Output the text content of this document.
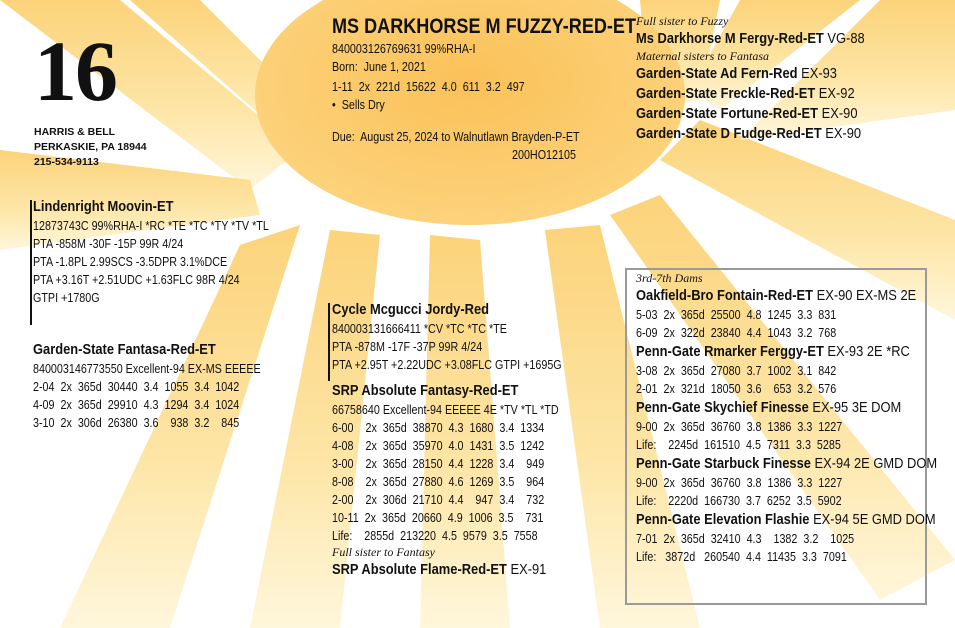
16
HARRIS & BELL
PERKASKIE, PA 18944
215-534-9113
MS DARKHORSE M FUZZY-RED-ET
840003126769631 99%RHA-I
Born:  June 1, 2021
1-11  2x  221d  15622  4.0  611  3.2  497
•  Sells Dry
Due:  August 25, 2024 to Walnutlawn Brayden-P-ET
200HO12105
Full sister to Fuzzy
Ms Darkhorse M Fergy-Red-ET VG-88
Maternal sisters to Fantasa
Garden-State Ad Fern-Red EX-93
Garden-State Freckle-Red-ET EX-92
Garden-State Fortune-Red-ET EX-90
Garden-State D Fudge-Red-ET EX-90
Lindenright Moovin-ET
12873743C 99%RHA-I *RC *TE *TC *TY *TV *TL
PTA -858M -30F -15P 99R 4/24
PTA -1.8PL 2.99SCS -3.5DPR 3.1%DCE
PTA +3.16T +2.51UDC +1.63FLC 98R 4/24
GTPI +1780G
Garden-State Fantasa-Red-ET
840003146773550 Excellent-94 EX-MS EEEEE
2-04  2x  365d  30440  3.4  1055  3.4  1042
4-09  2x  365d  29910  4.3  1294  3.4  1024
3-10  2x  306d  26380  3.6    938  3.2    845
Cycle Mcgucci Jordy-Red
840003131666411 *CV *TC *TC *TE
PTA -878M -17F -37P 99R 4/24
PTA +2.95T +2.22UDC +3.08FLC GTPI +1695G
SRP Absolute Fantasy-Red-ET
66758640 Excellent-94 EEEEE 4E *TV *TL *TD
6-00    2x  365d  38870  4.3  1680  3.4  1334
4-08    2x  365d  35970  4.0  1431  3.5  1242
3-00    2x  365d  28150  4.4  1228  3.4    949
8-08    2x  365d  27880  4.6  1269  3.5    964
2-00    2x  306d  21710  4.4    947  3.4    732
10-11  2x  365d  20660  4.9  1006  3.5    731
Life:    2855d  213220  4.5  9579  3.5  7558
Full sister to Fantasy
SRP Absolute Flame-Red-ET EX-91
3rd-7th Dams
Oakfield-Bro Fontain-Red-ET EX-90 EX-MS 2E
5-03  2x  365d  25500  4.8  1245  3.3  831
6-09  2x  322d  23840  4.4  1043  3.2  768
Penn-Gate Rmarker Ferggy-ET EX-93 2E *RC
3-08  2x  365d  27080  3.7  1002  3.1  842
2-01  2x  321d  18050  3.6    653  3.2  576
Penn-Gate Skychief Finesse EX-95 3E DOM
9-00  2x  365d  36760  3.8  1386  3.3  1227
Life:    2245d  161510  4.5  7311  3.3  5285
Penn-Gate Starbuck Finesse EX-94 2E GMD DOM
9-00  2x  365d  36760  3.8  1386  3.3  1227
Life:    2220d  166730  3.7  6252  3.5  5902
Penn-Gate Elevation Flashie EX-94 5E GMD DOM
7-01  2x  365d  32410  4.3    1382  3.2    1025
Life:   3872d   260540  4.4  11435  3.3  7091
